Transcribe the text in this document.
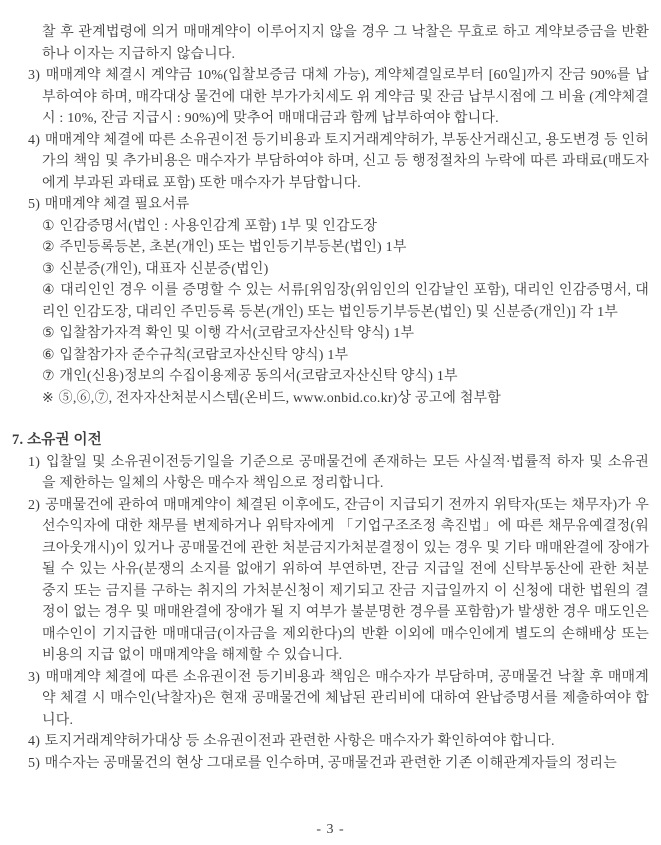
찰 후 관계법령에 의거 매매계약이 이루어지지 않을 경우 그 낙찰은 무효로 하고 계약보증금을 반환하나 이자는 지급하지 않습니다.

3) 매매계약 체결시 계약금 10%(입찰보증금 대체 가능), 계약체결일로부터 [60일]까지 잔금 90%를 납부하여야 하며, 매각대상 물건에 대한 부가가치세도 위 계약금 및 잔금 납부시점에 그 비율 (계약체결시 : 10%, 잔금 지급시 : 90%)에 맞추어 매매대금과 함께 납부하여야 합니다.

4) 매매계약 체결에 따른 소유권이전 등기비용과 토지거래계약허가, 부동산거래신고, 용도변경 등 인허가의 책임 및 추가비용은 매수자가 부담하여야 하며, 신고 등 행정절차의 누락에 따른 과태료(매도자에게 부과된 과태료 포함) 또한 매수자가 부담합니다.

5) 매매계약 체결 필요서류

① 인감증명서(법인 : 사용인감계 포함) 1부 및 인감도장

② 주민등록등본, 초본(개인) 또는 법인등기부등본(법인) 1부

③ 신분증(개인), 대표자 신분증(법인)

④ 대리인인 경우 이를 증명할 수 있는 서류[위임장(위임인의 인감날인 포함), 대리인 인감증명서, 대리인 인감도장, 대리인 주민등록 등본(개인) 또는 법인등기부등본(법인) 및 신분증(개인)] 각 1부

⑤ 입찰참가자격 확인 및 이행 각서(코람코자산신탁 양식) 1부

⑥ 입찰참가자 준수규칙(코람코자산신탁 양식) 1부

⑦ 개인(신용)정보의 수집이용제공 동의서(코람코자산신탁 양식) 1부

※ ⑤,⑥,⑦, 전자자산처분시스템(온비드, www.onbid.co.kr)상 공고에 첨부함

7. 소유권 이전

1) 입찰일 및 소유권이전등기일을 기준으로 공매물건에 존재하는 모든 사실적·법률적 하자 및 소유권을 제한하는 일체의 사항은 매수자 책임으로 정리합니다.

2) 공매물건에 관하여 매매계약이 체결된 이후에도, 잔금이 지급되기 전까지 위탁자(또는 채무자)가 우선수익자에 대한 채무를 변제하거나 위탁자에게 「기업구조조정 촉진법」에 따른 채무유예결정(워크아웃개시)이 있거나 공매물건에 관한 처분금지가처분결정이 있는 경우 및 기타 매매완결에 장애가 될 수 있는 사유(분쟁의 소지를 없애기 위하여 부연하면, 잔금 지급일 전에 신탁부동산에 관한 처분 중지 또는 금지를 구하는 취지의 가처분신청이 제기되고 잔금 지급일까지 이 신청에 대한 법원의 결정이 없는 경우 및 매매완결에 장애가 될 지 여부가 불분명한 경우를 포함함)가 발생한 경우 매도인은 매수인이 기지급한 매매대금(이자금을 제외한다)의 반환 이외에 매수인에게 별도의 손해배상 또는 비용의 지급 없이 매매계약을 해제할 수 있습니다.

3) 매매계약 체결에 따른 소유권이전 등기비용과 책임은 매수자가 부담하며, 공매물건 낙찰 후 매매계약 체결 시 매수인(낙찰자)은 현재 공매물건에 체납된 관리비에 대하여 완납증명서를 제출하여야 합니다.

4) 토지거래계약허가대상 등 소유권이전과 관련한 사항은 매수자가 확인하여야 합니다.

5) 매수자는 공매물건의 현상 그대로를 인수하며, 공매물건과 관련한 기존 이해관계자들의 정리는

- 3 -
